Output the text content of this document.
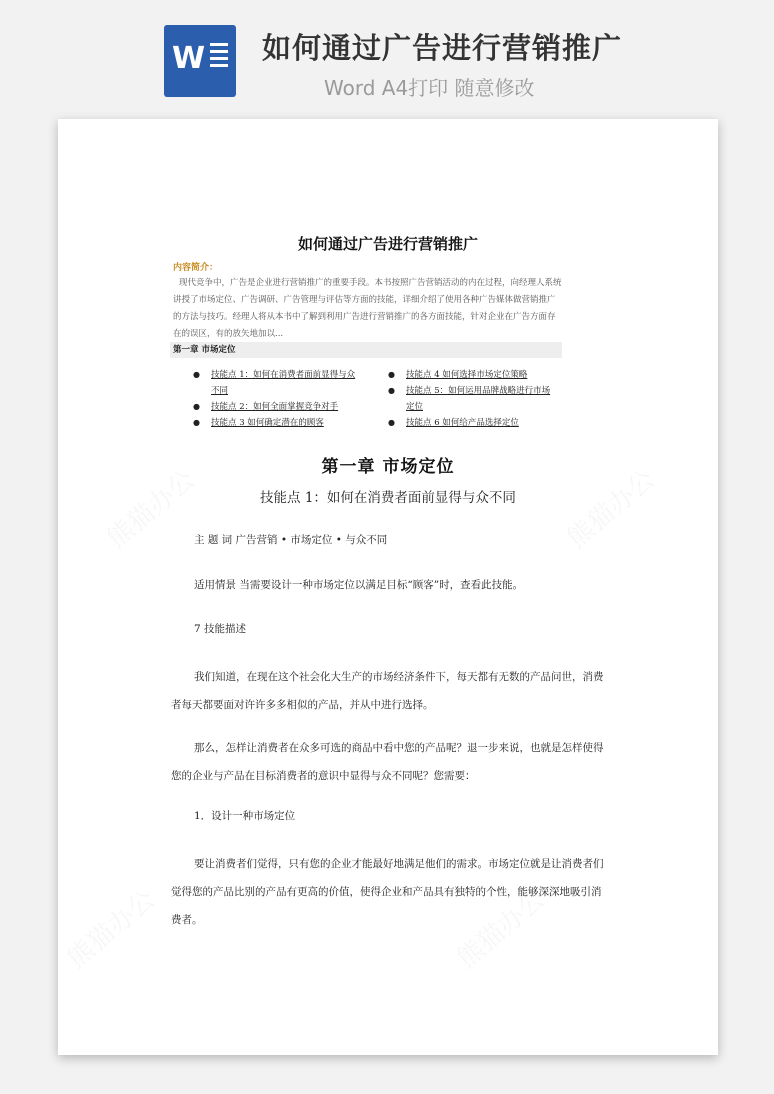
W 如何通过广告进行营销推广
Word A4打印 随意修改
如何通过广告进行营销推广
内容简介：
现代竞争中，广告是企业进行营销推广的重要手段。本书按照广告营销活动的内在过程，向经理人系统讲授了市场定位、广告调研、广告管理与评估等方面的技能，详细介绍了使用各种广告媒体做营销推广的方法与技巧。经理人将从本书中了解到利用广告进行营销推广的各方面技能，针对企业在广告方面存在的误区，有的放矢地加以...
第一章 市场定位
● 技能点 1：如何在消费者面前显得与众不同
● 技能点 2：如何全面掌握竞争对手
● 技能点 3 如何确定潜在的顾客
● 技能点 4 如何选择市场定位策略
● 技能点 5：如何运用品牌战略进行市场定位
● 技能点 6 如何给产品选择定位
第一章 市场定位
技能点 1：如何在消费者面前显得与众不同
主 题 词 广告营销 • 市场定位 • 与众不同
适用情景 当需要设计一种市场定位以满足目标“顾客”时，查看此技能。
7 技能描述
我们知道，在现在这个社会化大生产的市场经济条件下，每天都有无数的产品问世，消费者每天都要面对许许多多相似的产品，并从中进行选择。
那么，怎样让消费者在众多可选的商品中看中您的产品呢？退一步来说，也就是怎样使得您的企业与产品在目标消费者的意识中显得与众不同呢？您需要：
1．设计一种市场定位
要让消费者们觉得，只有您的企业才能最好地满足他们的需求。市场定位就是让消费者们觉得您的产品比别的产品有更高的价值，使得企业和产品具有独特的个性，能够深深地吸引消费者。
